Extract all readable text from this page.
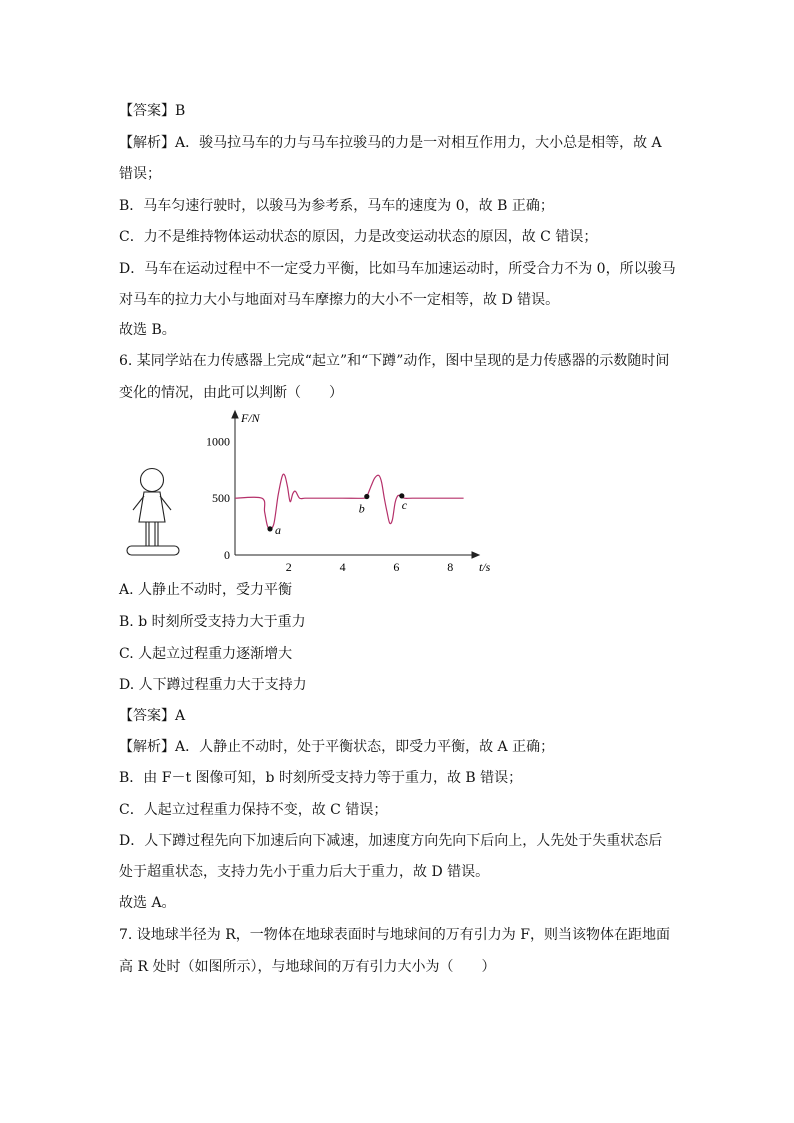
【答案】B
【解析】A．骏马拉马车的力与马车拉骏马的力是一对相互作用力，大小总是相等，故 A
错误；
B．马车匀速行驶时，以骏马为参考系，马车的速度为 0，故 B 正确；
C．力不是维持物体运动状态的原因，力是改变运动状态的原因，故 C 错误；
D．马车在运动过程中不一定受力平衡，比如马车加速运动时，所受合力不为 0，所以骏马
对马车的拉力大小与地面对马车摩擦力的大小不一定相等，故 D 错误。
故选 B。
6. 某同学站在力传感器上完成“起立”和“下蹲”动作，图中呈现的是力传感器的示数随时间
变化的情况，由此可以判断（　　）
F/N
2	4	6	8 t/s
0
500
1000
a
b	c
A. 人静止不动时，受力平衡
B. b 时刻所受支持力大于重力
C. 人起立过程重力逐渐增大
D. 人下蹲过程重力大于支持力
【答案】A
【解析】A．人静止不动时，处于平衡状态，即受力平衡，故 A 正确；
B．由 F－t 图像可知，b 时刻所受支持力等于重力，故 B 错误；
C．人起立过程重力保持不变，故 C 错误；
D．人下蹲过程先向下加速后向下减速，加速度方向先向下后向上，人先处于失重状态后
处于超重状态，支持力先小于重力后大于重力，故 D 错误。
故选 A。
7. 设地球半径为 R，一物体在地球表面时与地球间的万有引力为 F，则当该物体在距地面
高 R 处时（如图所示），与地球间的万有引力大小为（　　）
